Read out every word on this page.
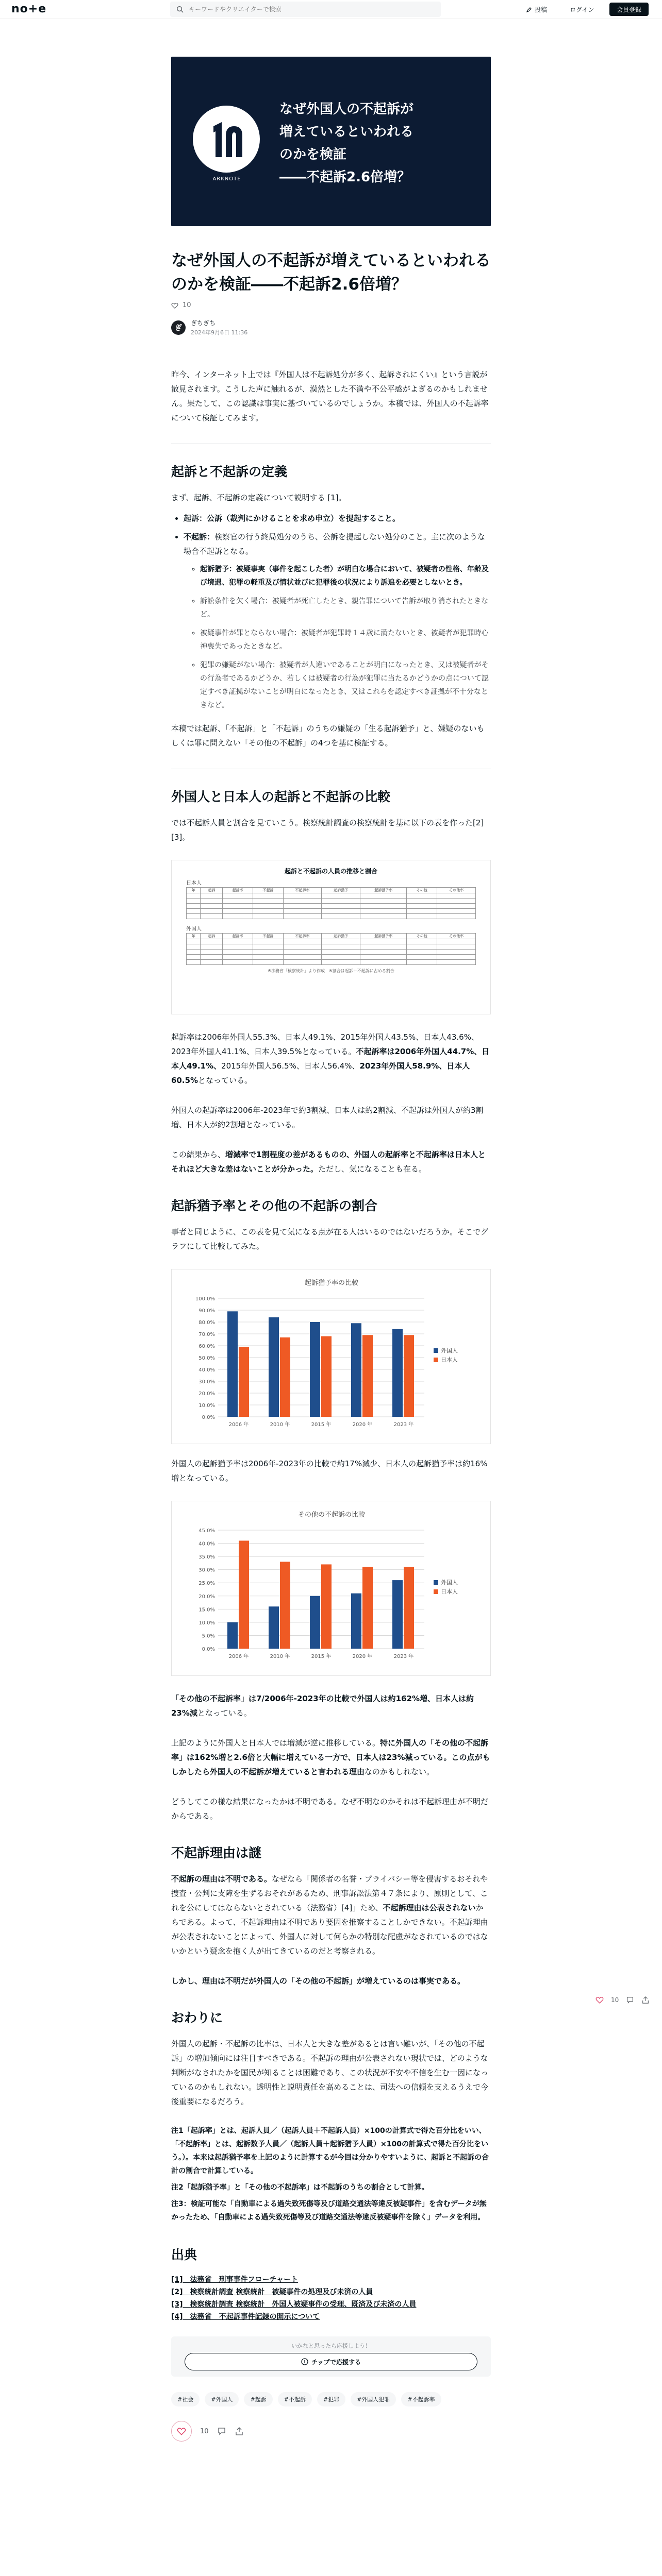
no+e
キーワードやクリエイターで検索	投稿	ログイン	会員登録
ARKNOTE
なぜ外国人の不起訴が
増えているといわれる
のかを検証
――不起訴2.6倍増？
なぜ外国人の不起訴が増えているといわれるのかを検証――不起訴2.6倍増？
10
ぎ
ぎちぎち
2024年9月6日 11:36

昨今、インターネット上では『外国人は不起訴処分が多く、起訴されにくい』という言説が散見されます。こうした声に触れるが、漠然とした不満や不公平感がよぎるのかもしれません。果たして、この認識は事実に基づいているのでしょうか。本稿では、外国人の不起訴率について検証してみます。

起訴と不起訴の定義

まず、起訴、不起訴の定義について説明する [1]。

• 起訴：公訴（裁判にかけることを求め申立）を提起すること。
• 不起訴：検察官の行う終局処分のうち、公訴を提起しない処分のこと。主に次のような場合不起訴となる。
◦ 起訴猶予：被疑事実（事件を起こした者）が明白な場合において、被疑者の性格、年齢及び境遇、犯罪の軽重及び情状並びに犯罪後の状況により訴追を必要としないとき。
◦ 訴訟条件を欠く場合：被疑者が死亡したとき、親告罪について告訴が取り消されたときなど。
◦ 被疑事件が罪とならない場合：被疑者が犯罪時１４歳に満たないとき、被疑者が犯罪時心神喪失であったときなど。
◦ 犯罪の嫌疑がない場合：被疑者が人違いであることが明白になったとき、又は被疑者がその行為者であるかどうか、若しくは被疑者の行為が犯罪に当たるかどうかの点について認定すべき証拠がないことが明白になったとき、又はこれらを認定すべき証拠が不十分なときなど。

本稿では起訴、「不起訴」と「不起訴」のうちの嫌疑の「生る起訴猶予」と、嫌疑のないもしくは罪に問えない「その他の不起訴」の4つを基に検証する。

外国人と日本人の起訴と不起訴の比較

では不起訴人員と割合を見ていこう。検察統計調査の検察統計を基に以下の表を作った[2][3]。

起訴と不起訴の人員の推移と割合
日本人
年	起訴	起訴率	不起訴	不起訴率	起訴猶予	起訴猶予率	その他	その他率

外国人
年	起訴	起訴率	不起訴	不起訴率	起訴猶予	起訴猶予率	その他	その他率

※法務省「検察統計」より作成　※割合は起訴＋不起訴に占める割合

起訴率は2006年外国人55.3%、日本人49.1%、2015年外国人43.5%、日本人43.6%、2023年外国人41.1%、日本人39.5%となっている。不起訴率は2006年外国人44.7%、日本人49.1%、2015年外国人56.5%、日本人56.4%、2023年外国人58.9%、日本人60.5%となっている。

外国人の起訴率は2006年-2023年で約3割減、日本人は約2割減、不起訴は外国人が約3割増、日本人が約2割増となっている。

この結果から、増減率で1割程度の差があるものの、外国人の起訴率と不起訴率は日本人とそれほど大きな差はないことが分かった。ただし、気になることも在る。

起訴猶予率とその他の不起訴の割合

事者と同じように、この表を見て気になる点が在る人はいるのではないだろうか。そこでグラフにして比較してみた。

起訴猶予率の比較
0.0%
10.0%
20.0%
30.0%
40.0%
50.0%
60.0%
70.0%
80.0%
90.0%
100.0%
2006 年	2010 年	2015 年	2020 年	2023 年
外国人
日本人

外国人の起訴猶予率は2006年-2023年の比較で約17%減少、日本人の起訴猶予率は約16%増となっている。

その他の不起訴の比較
0.0%
5.0%
10.0%
15.0%
20.0%
25.0%
30.0%
35.0%
40.0%
45.0%
2006 年	2010 年	2015 年	2020 年	2023 年
外国人
日本人

「その他の不起訴率」は7/2006年-2023年の比較で外国人は約162%増、日本人は約23%減となっている。

上記のように外国人と日本人では増減が逆に推移している。特に外国人の「その他の不起訴率」は162%増と2.6倍と大幅に増えている一方で、日本人は23%減っている。この点がもしかしたら外国人の不起訴が増えていると言われる理由なのかもしれない。

どうしてこの様な結果になったかは不明である。なぜ不明なのかそれは不起訴理由が不明だからである。

不起訴理由は謎

不起訴の理由は不明である。なぜなら「関係者の名誉・プライバシー等を侵害するおそれや捜査・公判に支障を生ずるおそれがあるため、刑事訴訟法第４７条により、原則として、これを公にしてはならないとされている（法務省）[4]」ため、不起訴理由は公表されないからである。よって、不起訴理由は不明であり要因を推察することしかできない。不起訴理由が公表されないことによって、外国人に対して何らかの特別な配慮がなされているのではないかという疑念を抱く人が出てきているのだと考察される。

しかし、理由は不明だが外国人の「その他の不起訴」が増えているのは事実である。

おわりに

外国人の起訴・不起訴の比率は、日本人と大きな差があるとは言い難いが、「その他の不起訴」の増加傾向には注目すべきである。不起訴の理由が公表されない現状では、どのような判断がなされたかを国民が知ることは困難であり、この状況が不安や不信を生む一因になっているのかもしれない。透明性と説明責任を高めることは、司法への信頼を支えるうえで今後重要になるだろう。

注1「起訴率」とは、起訴人員／（起訴人員＋不起訴人員）×100の計算式で得た百分比をいい、「不起訴率」とは、起訴数予人員／（起訴人員＋起訴猶予人員）×100の計算式で得た百分比をいう。）。本来は起訴猶予率を上記のように計算するが今回は分かりやすいように、起訴と不起訴の合計の割合で計算している。

注2「起訴猶予率」と「その他の不起訴率」は不起訴のうちの割合として計算。

注3：検証可能な「自動車による過失致死傷等及び道路交通法等違反被疑事件」を含むデータが無かったため、「自動車による過失致死傷等及び道路交通法等違反被疑事件を除く」データを利用。

出典
[1]　法務省　刑事事件フローチャート
[2]　検察統計調査 検察統計　被疑事件の処理及び未済の人員
[3]　検察統計調査 検察統計　外国人被疑事件の受理、既済及び未済の人員
[4]　法務省　不起訴事件記録の開示について
いかなと思ったら応援しよう！
チップで応援する
#社会	#外国人	#起訴	#不起訴	#犯罪	#外国人犯罪	#不起訴率
10
10
